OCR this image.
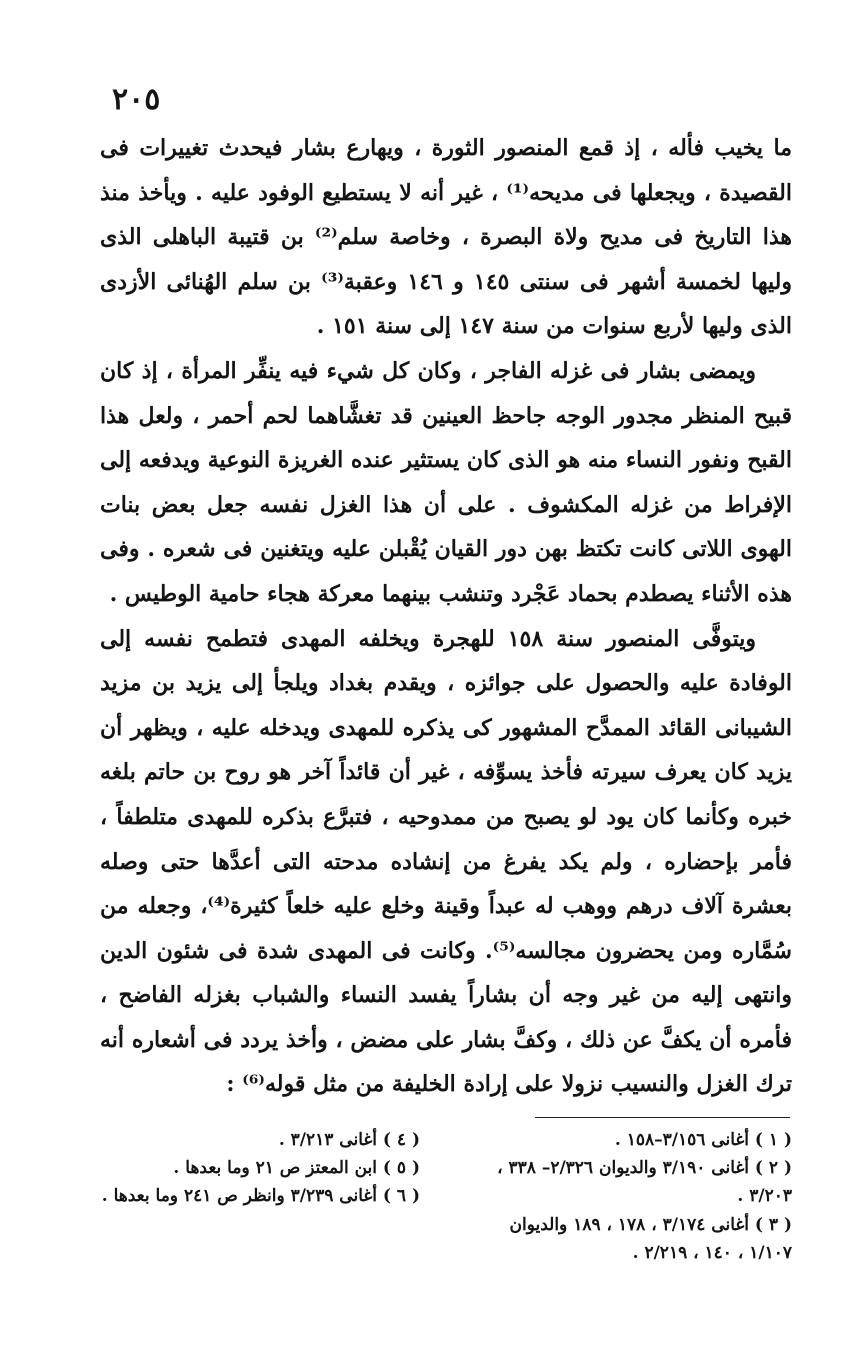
٢٠٥

ما يخيب فأله ، إذ قمع المنصور الثورة ، ويهارع بشار فيحدث تغييرات فى القصيدة ، ويجعلها فى مديحه⁽¹⁾ ، غير أنه لا يستطيع الوفود عليه . ويأخذ منذ هذا التاريخ فى مديح ولاة البصرة ، وخاصة سلم⁽²⁾ بن قتيبة الباهلى الذى وليها لخمسة أشهر فى سنتى ١٤٥ و ١٤٦ وعقبة⁽³⁾ بن سلم الهُنائى الأزدى الذى وليها لأربع سنوات من سنة ١٤٧ إلى سنة ١٥١ .

ويمضى بشار فى غزله الفاجر ، وكان كل شيء فيه ينفِّر المرأة ، إذ كان قبيح المنظر مجدور الوجه جاحظ العينين قد تغشَّاهما لحم أحمر ، ولعل هذا القبح ونفور النساء منه هو الذى كان يستثير عنده الغريزة النوعية ويدفعه إلى الإفراط من غزله المكشوف . على أن هذا الغزل نفسه جعل بعض بنات الهوى اللاتى كانت تكتظ بهن دور القيان يُقْبلن عليه ويتغنين فى شعره . وفى هذه الأثناء يصطدم بحماد عَجْرد وتنشب بينهما معركة هجاء حامية الوطيس .

ويتوفَّى المنصور سنة ١٥٨ للهجرة ويخلفه المهدى فتطمح نفسه إلى الوفادة عليه والحصول على جوائزه ، ويقدم بغداد ويلجأ إلى يزيد بن مزيد الشيبانى القائد الممدَّح المشهور كى يذكره للمهدى ويدخله عليه ، ويظهر أن يزيد كان يعرف سيرته فأخذ يسوِّفه ، غير أن قائداً آخر هو روح بن حاتم بلغه خبره وكأنما كان يود لو يصبح من ممدوحيه ، فتبرَّع بذكره للمهدى متلطفاً ، فأمر بإحضاره ، ولم يكد يفرغ من إنشاده مدحته التى أعدَّها حتى وصله بعشرة آلاف درهم ووهب له عبداً وقينة وخلع عليه خلعاً كثيرة⁽⁴⁾، وجعله من سُمَّاره ومن يحضرون مجالسه⁽⁵⁾. وكانت فى المهدى شدة فى شئون الدين وانتهى إليه من غير وجه أن بشاراً يفسد النساء والشباب بغزله الفاضح ، فأمره أن يكفَّ عن ذلك ، وكفَّ بشار على مضض ، وأخذ يردد فى أشعاره أنه ترك الغزل والنسيب نزولا على إرادة الخليفة من مثل قوله⁽⁶⁾ :

( ١ ) أغانى ٣/١٥٦–١٥٨ .

( ٢ ) أغانى ٣/١٩٠ والديوان ٢/٣٢٦– ٣٣٨ ، ٣/٢٠٣ .

( ٣ ) أغانى ٣/١٧٤ ، ١٧٨ ، ١٨٩ والديوان ١/١٠٧ ، ١٤٠ ، ٢/٢١٩ .

( ٤ ) أغانى ٣/٢١٣ .

( ٥ ) ابن المعتز ص ٢١ وما بعدها .

( ٦ ) أغانى ٣/٢٣٩ وانظر ص ٢٤١ وما بعدها .
